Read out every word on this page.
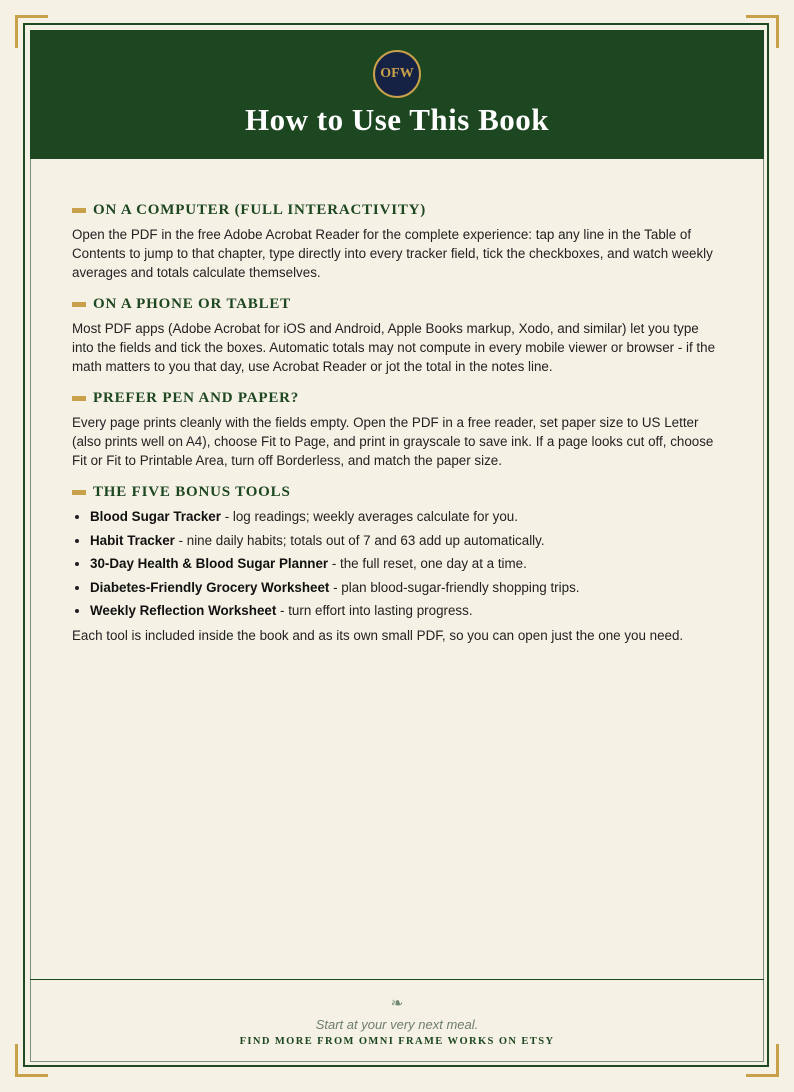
OFW
How to Use This Book
ON A COMPUTER (FULL INTERACTIVITY)

Open the PDF in the free Adobe Acrobat Reader for the complete experience: tap any line in the Table of Contents to jump to that chapter, type directly into every tracker field, tick the checkboxes, and watch weekly averages and totals calculate themselves.

ON A PHONE OR TABLET

Most PDF apps (Adobe Acrobat for iOS and Android, Apple Books markup, Xodo, and similar) let you type into the fields and tick the boxes. Automatic totals may not compute in every mobile viewer or browser - if the math matters to you that day, use Acrobat Reader or jot the total in the notes line.

PREFER PEN AND PAPER?

Every page prints cleanly with the fields empty. Open the PDF in a free reader, set paper size to US Letter (also prints well on A4), choose Fit to Page, and print in grayscale to save ink. If a page looks cut off, choose Fit or Fit to Printable Area, turn off Borderless, and match the paper size.

THE FIVE BONUS TOOLS
• Blood Sugar Tracker - log readings; weekly averages calculate for you.
• Habit Tracker - nine daily habits; totals out of 7 and 63 add up automatically.
• 30-Day Health & Blood Sugar Planner - the full reset, one day at a time.
• Diabetes-Friendly Grocery Worksheet - plan blood-sugar-friendly shopping trips.
• Weekly Reflection Worksheet - turn effort into lasting progress.

Each tool is included inside the book and as its own small PDF, so you can open just the one you need.

❧
Start at your very next meal.
FIND MORE FROM OMNI FRAME WORKS ON ETSY
